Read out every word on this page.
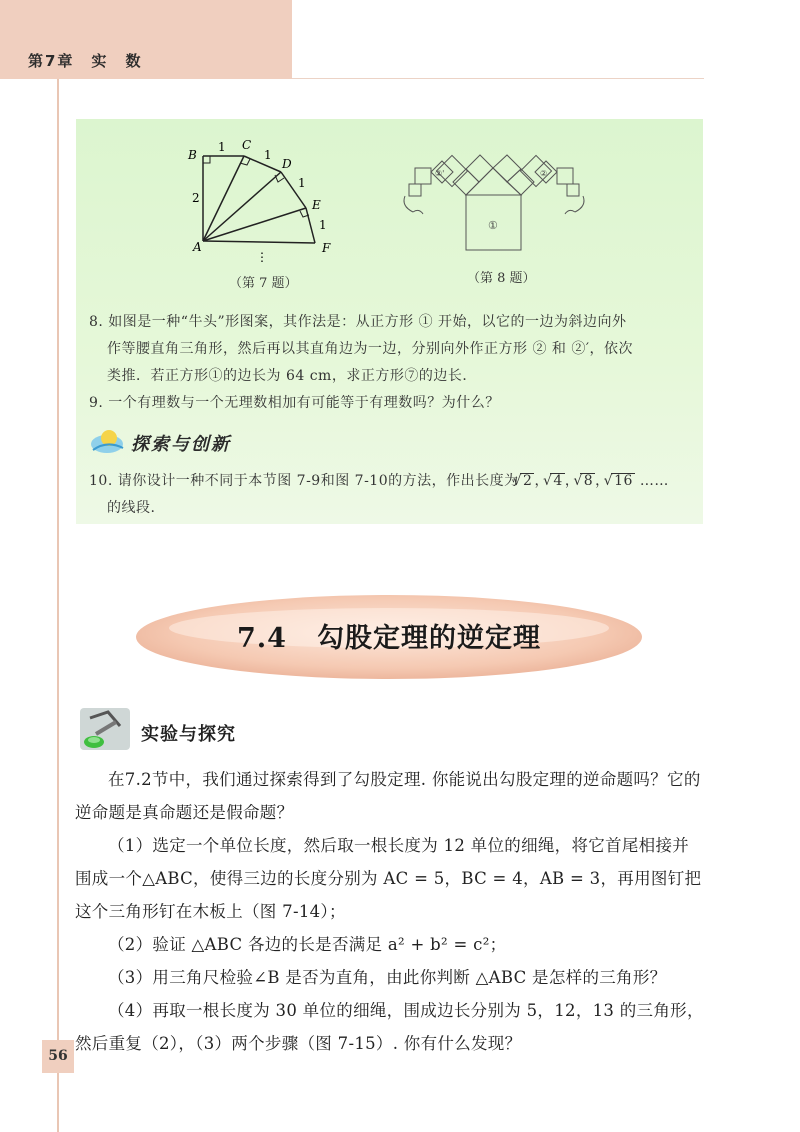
第7章　实　数
B
C
D
E
F
A
2
1
1
1
1
⋮
（第 7 题）
①
②'	②
（第 8 题）
8. 如图是一种“牛头”形图案，其作法是：从正方形 ① 开始，以它的一边为斜边向外
作等腰直角三角形，然后再以其直角边为一边，分别向外作正方形 ② 和 ②′，依次
类推．若正方形①的边长为 64 cm，求正方形⑦的边长．
9. 一个有理数与一个无理数相加有可能等于有理数吗？为什么？
探索与创新
10. 请你设计一种不同于本节图 7-9和图 7-10的方法，作出长度为 √ 2 ， √ 4 ， √ 8 ， √ 16 ……
的线段.
7.4 勾股定理的逆定理
实验与探究

在7.2节中，我们通过探索得到了勾股定理. 你能说出勾股定理的逆命题吗？它的逆命题是真命题还是假命题？

（1）选定一个单位长度，然后取一根长度为 12 单位的细绳，将它首尾相接并围成一个△ABC，使得三边的长度分别为 AC = 5，BC = 4，AB = 3，再用图钉把这个三角形钉在木板上（图 7-14）；

（2）验证 △ABC 各边的长是否满足 a² + b² = c²；

（3）用三角尺检验∠B 是否为直角，由此你判断 △ABC 是怎样的三角形？

（4）再取一根长度为 30 单位的细绳，围成边长分别为 5，12，13 的三角形，然后重复（2），（3）两个步骤（图 7-15）. 你有什么发现？

56
